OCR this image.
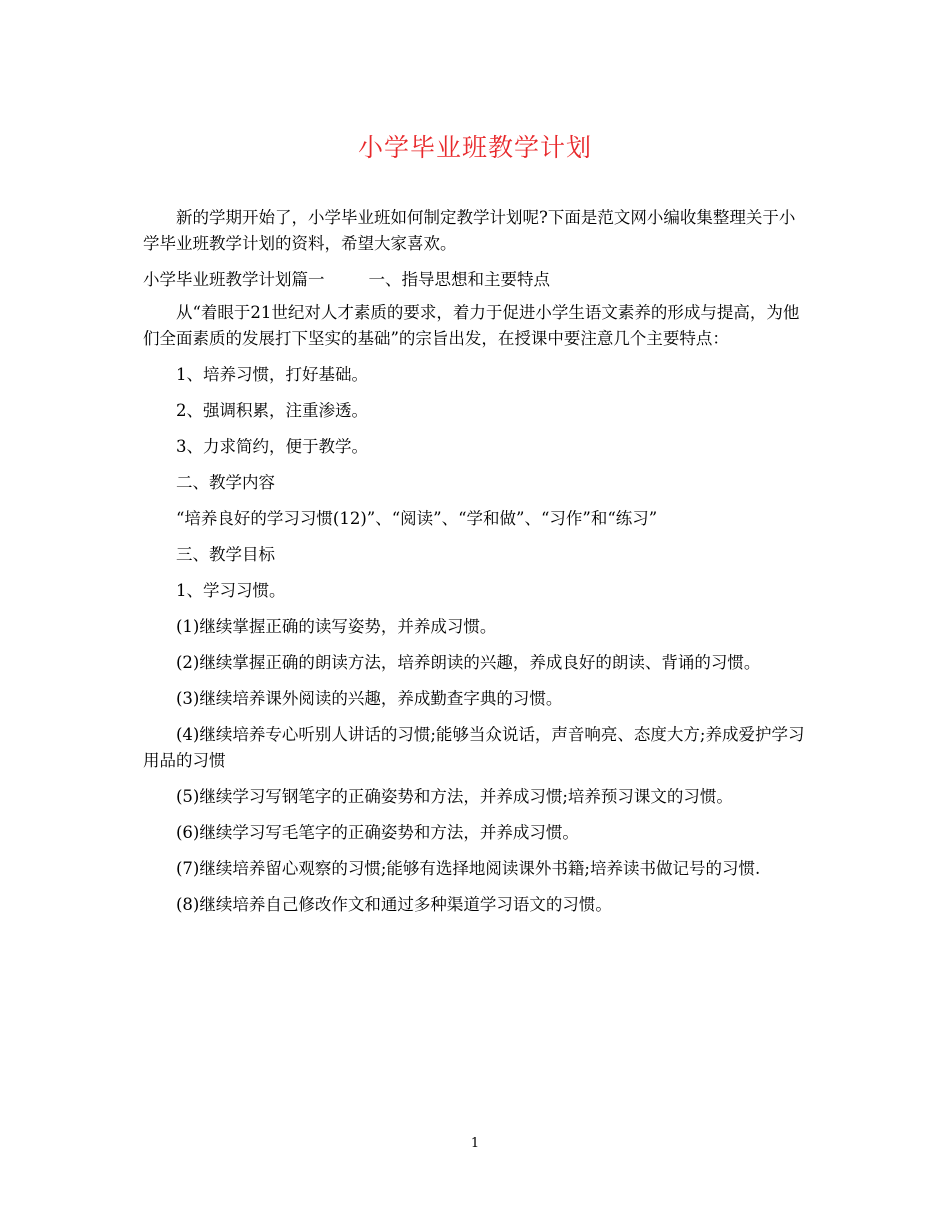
小学毕业班教学计划

新的学期开始了，小学毕业班如何制定教学计划呢?下面是范文网小编收集整理关于小学毕业班教学计划的资料，希望大家喜欢。

小学毕业班教学计划篇一	一、指导思想和主要特点

从“着眼于21世纪对人才素质的要求，着力于促进小学生语文素养的形成与提高，为他们全面素质的发展打下坚实的基础”的宗旨出发，在授课中要注意几个主要特点：

1、培养习惯，打好基础。

2、强调积累，注重渗透。

3、力求简约，便于教学。

二、教学内容

“培养良好的学习习惯(12)”、“阅读”、“学和做”、“习作”和“练习”

三、教学目标

1、学习习惯。

(1)继续掌握正确的读写姿势，并养成习惯。

(2)继续掌握正确的朗读方法，培养朗读的兴趣，养成良好的朗读、背诵的习惯。

(3)继续培养课外阅读的兴趣，养成勤查字典的习惯。

(4)继续培养专心听别人讲话的习惯;能够当众说话，声音响亮、态度大方;养成爱护学习用品的习惯

(5)继续学习写钢笔字的正确姿势和方法，并养成习惯;培养预习课文的习惯。

(6)继续学习写毛笔字的正确姿势和方法，并养成习惯。

(7)继续培养留心观察的习惯;能够有选择地阅读课外书籍;培养读书做记号的习惯.

(8)继续培养自己修改作文和通过多种渠道学习语文的习惯。

1
